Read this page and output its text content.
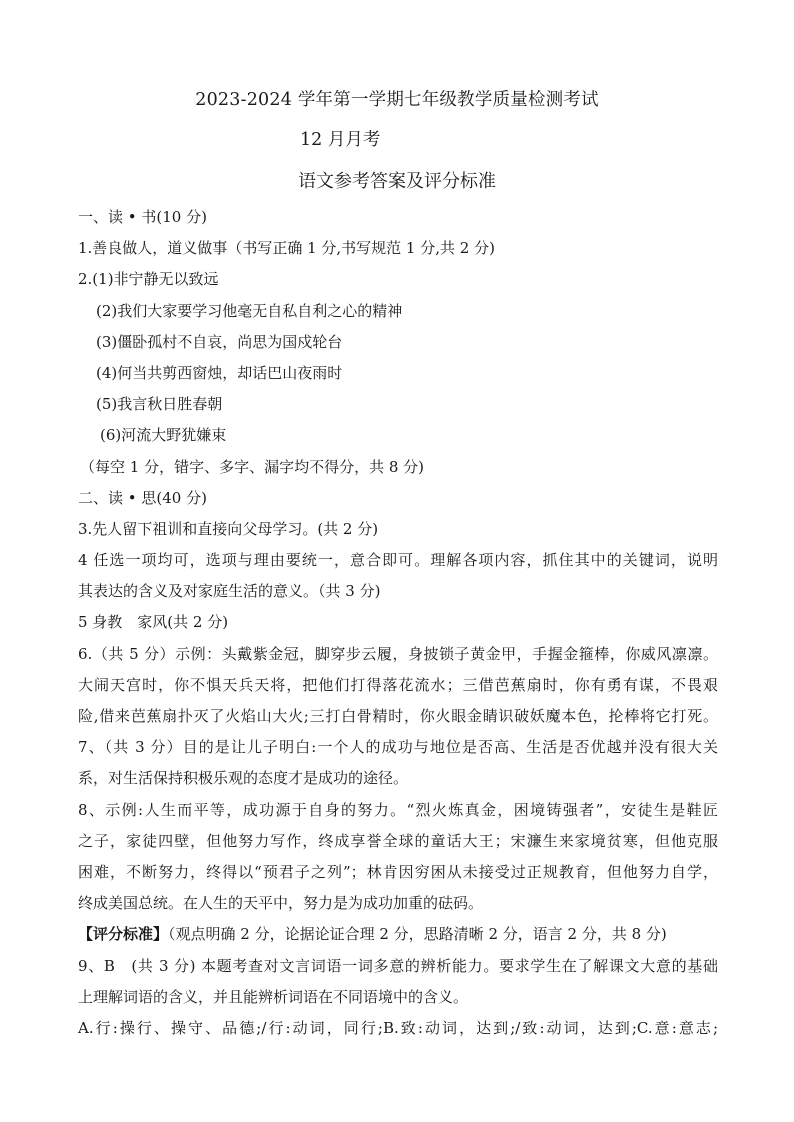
2023-2024 学年第一学期七年级教学质量检测考试
12 月月考
语文参考答案及评分标准
一、读 • 书(10 分)
1.善良做人，道义做事（书写正确 1 分,书写规范 1 分,共 2 分)
2.(1)非宁静无以致远
(2)我们大家要学习他毫无自私自利之心的精神
(3)僵卧孤村不自哀，尚思为国戍轮台
(4)何当共剪西窗烛，却话巴山夜雨时
(5)我言秋日胜春朝
(6)河流大野犹嫌束
（每空 1 分，错字、多字、漏字均不得分，共 8 分)
二、读 • 思(40 分)
3.先人留下祖训和直接向父母学习。(共 2 分)
4 任选一项均可，选项与理由要统一，意合即可。理解各项内容，抓住其中的关键词，说明
其表达的含义及对家庭生活的意义。（共 3 分)
5 身教　家风(共 2 分)
6.（共 5 分）示例：头戴紫金冠，脚穿步云履，身披锁子黄金甲，手握金箍棒，你威风凛凛。
大闹天宫时，你不惧天兵天将，把他们打得落花流水；三借芭蕉扇时，你有勇有谋，不畏艰
险,借来芭蕉扇扑灭了火焰山大火;三打白骨精时，你火眼金睛识破妖魔本色，抡棒将它打死。
7、（共 3 分）目的是让儿子明白:一个人的成功与地位是否高、生活是否优越并没有很大关
系，对生活保持积极乐观的态度才是成功的途径。
8、示例:人生而平等，成功源于自身的努力。“烈火炼真金，困境铸强者”，安徒生是鞋匠
之子，家徒四壁，但他努力写作，终成享誉全球的童话大王；宋濂生来家境贫寒，但他克服
困难，不断努力，终得以“预君子之列”；林肯因穷困从未接受过正规教育，但他努力自学，
终成美国总统。在人生的天平中，努力是为成功加重的砝码。
【评分标准】（观点明确 2 分，论据论证合理 2 分，思路清晰 2 分，语言 2 分，共 8 分)
9、B　(共 3 分) 本题考查对文言词语一词多意的辨析能力。要求学生在了解课文大意的基础
上理解词语的含义，并且能辨析词语在不同语境中的含义。
A.行:操行、操守、品德;/行:动词，同行;B.致:动词，达到;/致:动词，达到;C.意:意志;
